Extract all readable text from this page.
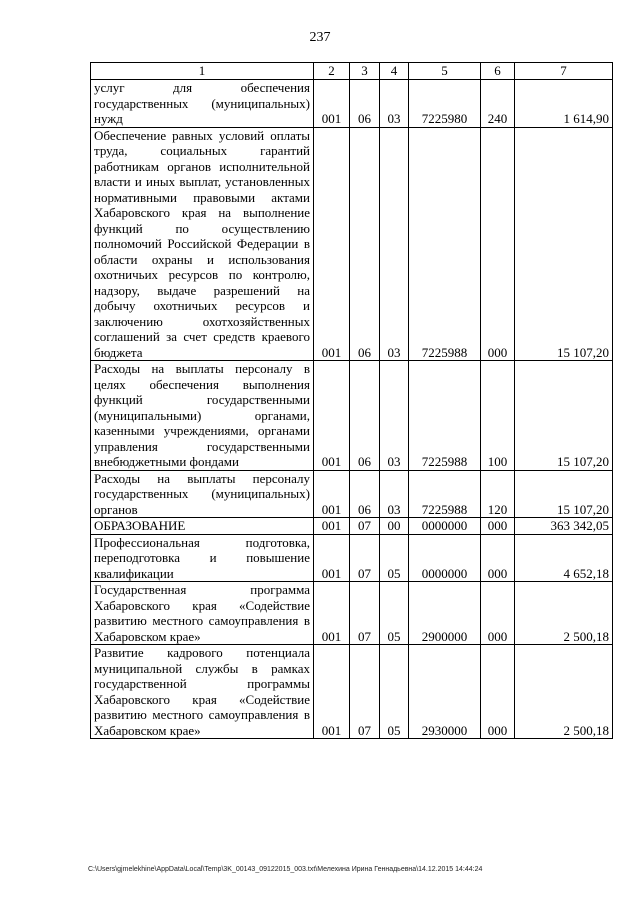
237
1	2	3	4	5	6	7
услуг для обеспечения государственных (муниципальных) нужд	001	06	03	7225980	240	1 614,90
Обеспечение равных условий оплаты труда, социальных гарантий работникам органов исполнительной власти и иных выплат, установленных нормативными правовыми актами Хабаровского края на выполнение функций по осуществлению полномочий Российской Федерации в области охраны и использования охотничьих ресурсов по контролю, надзору, выдаче разрешений на добычу охотничьих ресурсов и заключению охотхозяйственных соглашений за счет средств краевого бюджета	001	06	03	7225988	000	15 107,20
Расходы на выплаты персоналу в целях обеспечения выполнения функций государственными (муниципальными) органами, казенными учреждениями, органами управления государственными внебюджетными фондами	001	06	03	7225988	100	15 107,20
Расходы на выплаты персоналу государственных (муниципальных) органов	001	06	03	7225988	120	15 107,20
ОБРАЗОВАНИЕ	001	07	00	0000000	000	363 342,05
Профессиональная подготовка, переподготовка и повышение квалификации	001	07	05	0000000	000	4 652,18
Государственная программа Хабаровского края «Содействие развитию местного самоуправления в Хабаровском крае»	001	07	05	2900000	000	2 500,18
Развитие кадрового потенциала муниципальной службы в рамках государственной программы Хабаровского края «Содействие развитию местного самоуправления в Хабаровском крае»	001	07	05	2930000	000	2 500,18
C:\Users\gjmelekhine\AppData\Local\Temp\3K_00143_09122015_003.txt\Мелехина Ирина Геннадьевна\14.12.2015 14:44:24
